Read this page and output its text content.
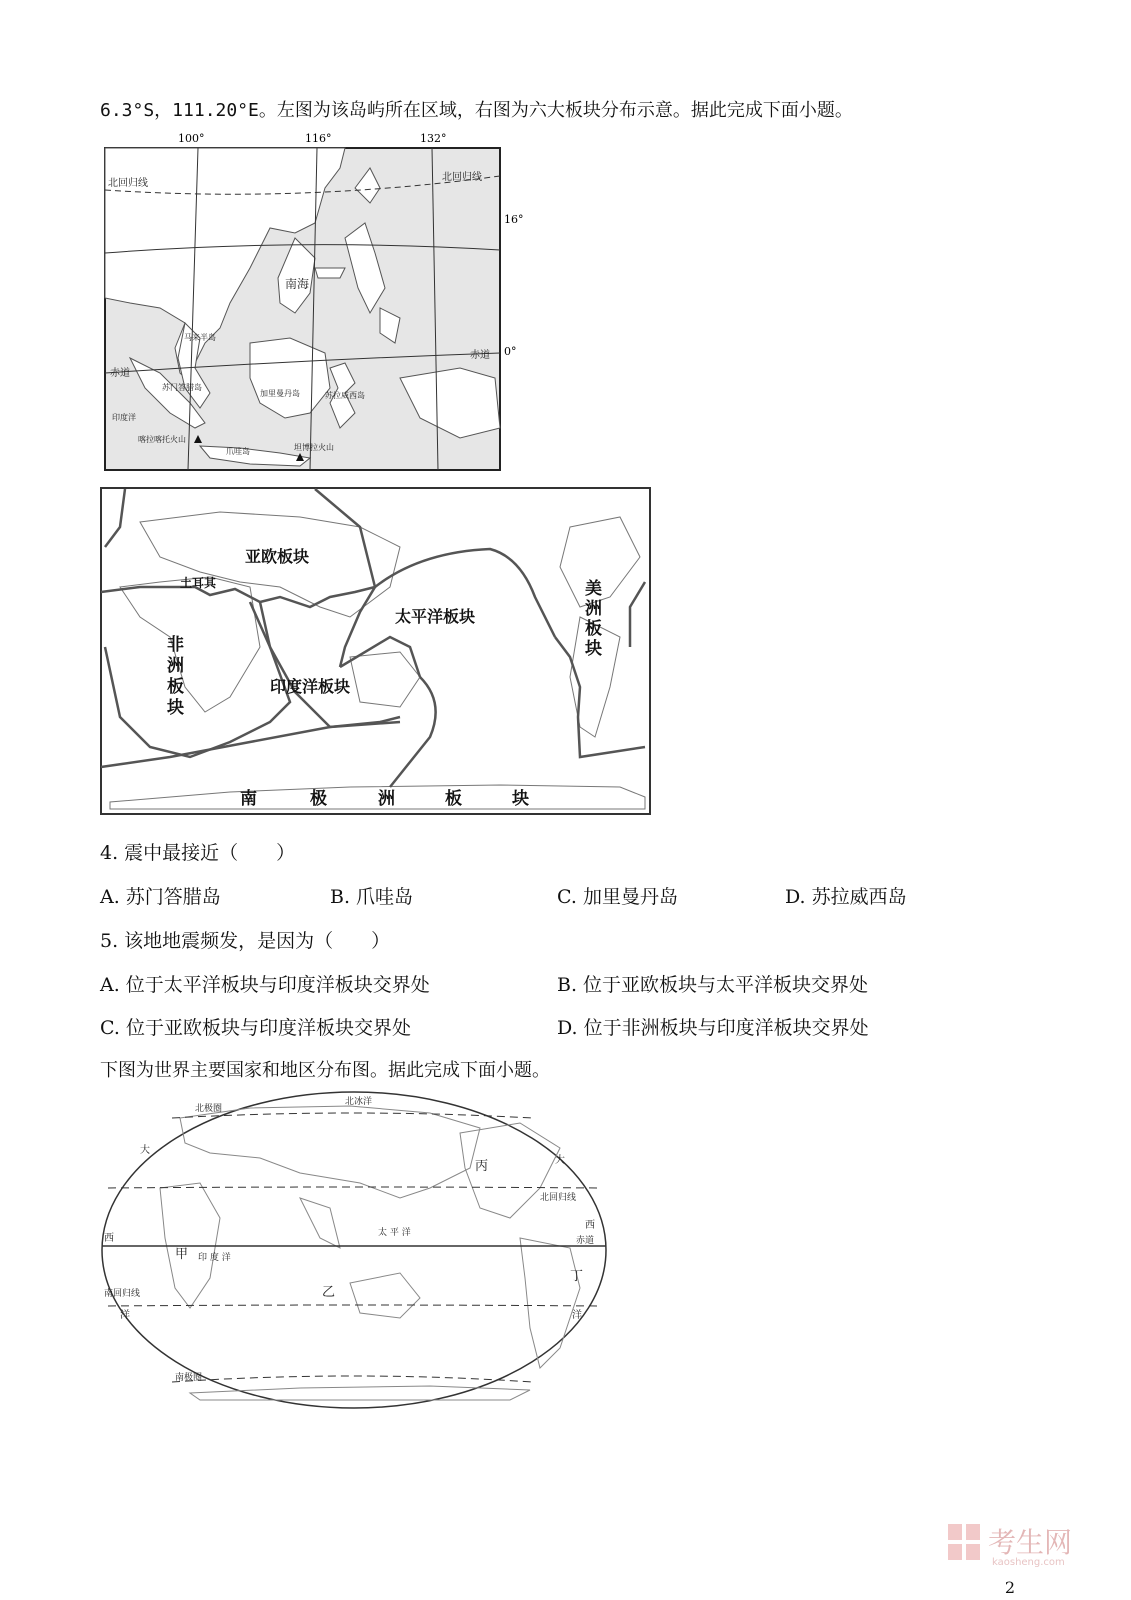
6.3°S，111.20°E。左图为该岛屿所在区域，右图为六大板块分布示意。据此完成下面小题。
100°	116°	132°
16°
0°
北回归线
北回归线
南海
马来半岛
赤道
赤道
苏门答腊岛
加里曼丹岛	苏拉威西岛
印度洋
喀拉喀托火山
坦博拉火山
爪哇岛
亚欧板块
土耳其
太平洋板块
印度洋板块
美
洲
板
块
非
洲
板
块
南	极	洲	板	块
4. 震中最接近（　　）
A. 苏门答腊岛	B. 爪哇岛	C. 加里曼丹岛	D. 苏拉威西岛
5. 该地地震频发，是因为（　　）
A. 位于太平洋板块与印度洋板块交界处	B. 位于亚欧板块与太平洋板块交界处
C. 位于亚欧板块与印度洋板块交界处	D. 位于非洲板块与印度洋板块交界处
下图为世界主要国家和地区分布图。据此完成下面小题。
北极圈
北冰洋
大
丙	大
北回归线
西
西	太 平 洋
赤道
甲 印 度 洋
丁
南回归线	乙
洋	洋
南极圈
考生网
kaosheng.com
2
